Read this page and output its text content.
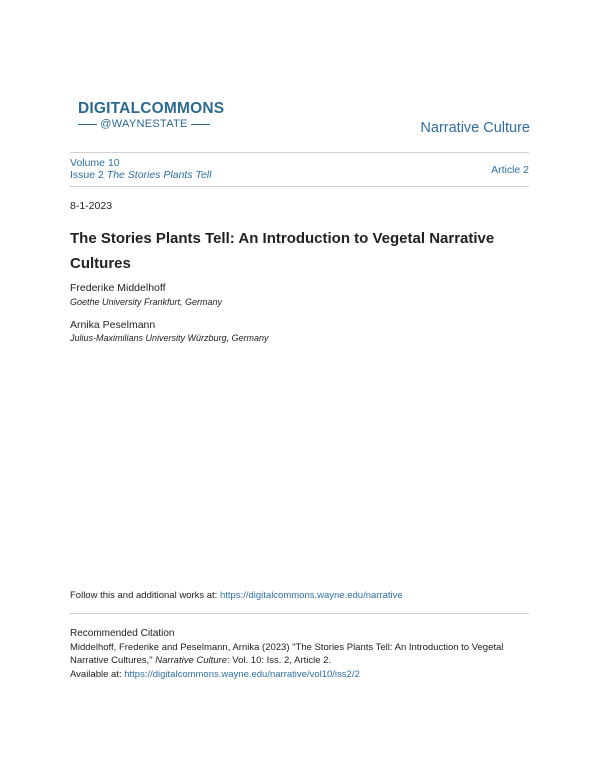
DIGITALCOMMONS
@WAYNESTATE	Narrative Culture
Volume 10
Issue 2 The Stories Plants Tell	Article 2
8-1-2023
The Stories Plants Tell: An Introduction to Vegetal Narrative Cultures
Frederike Middelhoff
Goethe University Frankfurt, Germany
Arnika Peselmann
Julius-Maximilians University Würzburg, Germany
Follow this and additional works at: https://digitalcommons.wayne.edu/narrative
Recommended Citation
Middelhoff, Frederike and Peselmann, Arnika (2023) "The Stories Plants Tell: An Introduction to Vegetal Narrative Cultures," Narrative Culture: Vol. 10: Iss. 2, Article 2.
Available at: https://digitalcommons.wayne.edu/narrative/vol10/iss2/2
